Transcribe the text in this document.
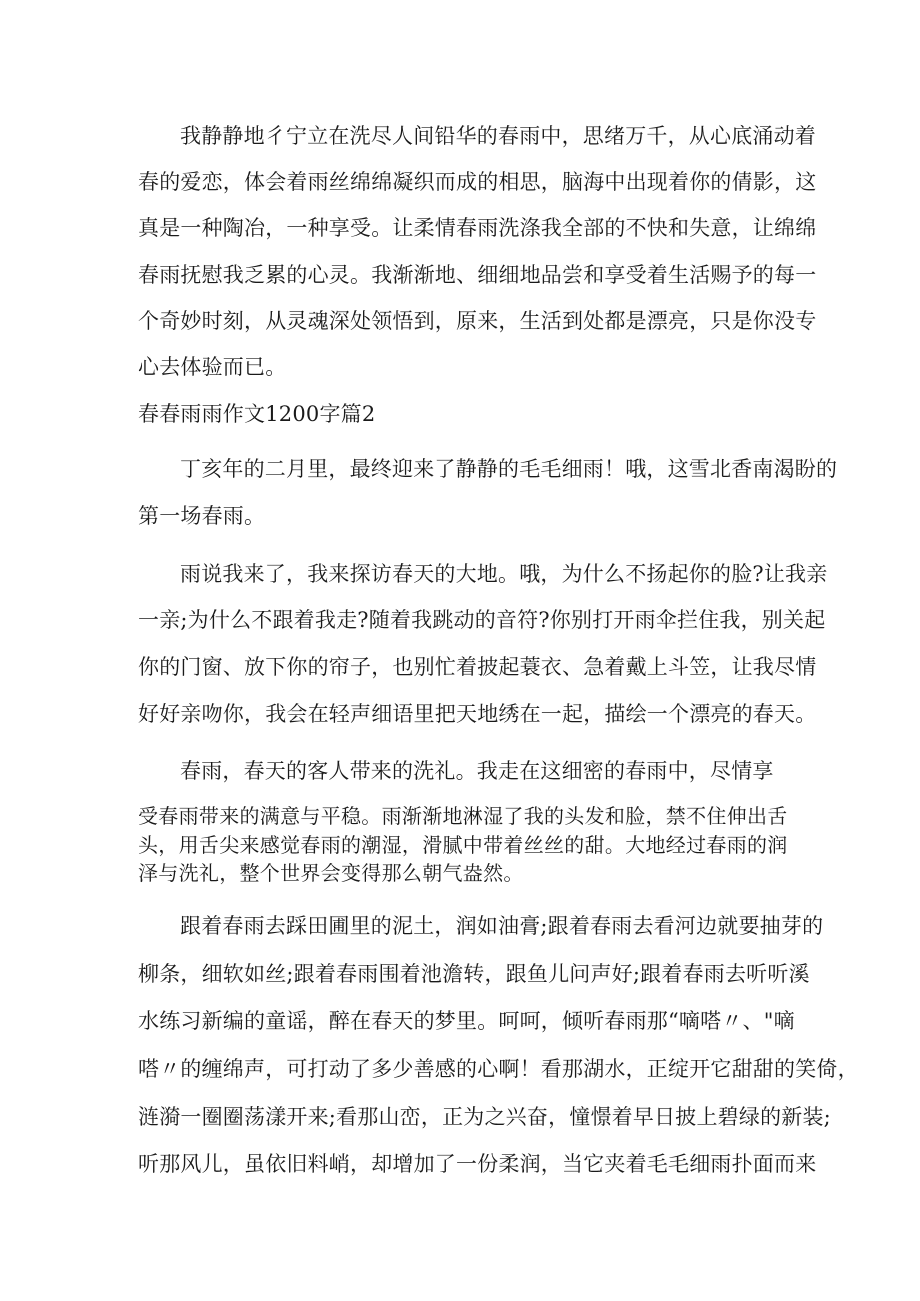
我静静地彳宁立在洗尽人间铅华的春雨中，思绪万千，从心底涌动着
春的爱恋，体会着雨丝绵绵凝织而成的相思，脑海中出现着你的倩影，这
真是一种陶冶，一种享受。让柔情春雨洗涤我全部的不快和失意，让绵绵
春雨抚慰我乏累的心灵。我渐渐地、细细地品尝和享受着生活赐予的每一
个奇妙时刻，从灵魂深处领悟到，原来，生活到处都是漂亮，只是你没专
心去体验而已。
春春雨雨作文1200字篇2
丁亥年的二月里，最终迎来了静静的毛毛细雨！哦，这雪北香南渴盼的
第一场春雨。
雨说我来了，我来探访春天的大地。哦，为什么不扬起你的脸?让我亲
一亲;为什么不跟着我走?随着我跳动的音符?你别打开雨伞拦住我，别关起
你的门窗、放下你的帘子，也别忙着披起蓑衣、急着戴上斗笠，让我尽情
好好亲吻你，我会在轻声细语里把天地绣在一起，描绘一个漂亮的春天。
春雨，春天的客人带来的洗礼。我走在这细密的春雨中，尽情享
受春雨带来的满意与平稳。雨渐渐地淋湿了我的头发和脸，禁不住伸出舌
头，用舌尖来感觉春雨的潮湿，滑腻中带着丝丝的甜。大地经过春雨的润
泽与洗礼，整个世界会变得那么朝气盎然。
跟着春雨去踩田圃里的泥土，润如油膏;跟着春雨去看河边就要抽芽的
柳条，细软如丝;跟着春雨围着池澹转，跟鱼儿问声好;跟着春雨去听听溪
水练习新编的童谣，醉在春天的梦里。呵呵，倾听春雨那“嘀嗒〃、"嘀
嗒〃的缠绵声，可打动了多少善感的心啊！看那湖水，正绽开它甜甜的笑倚，
涟漪一圈圈荡漾开来;看那山峦，正为之兴奋，憧憬着早日披上碧绿的新装;
听那风儿，虽依旧料峭，却增加了一份柔润，当它夹着毛毛细雨扑面而来
